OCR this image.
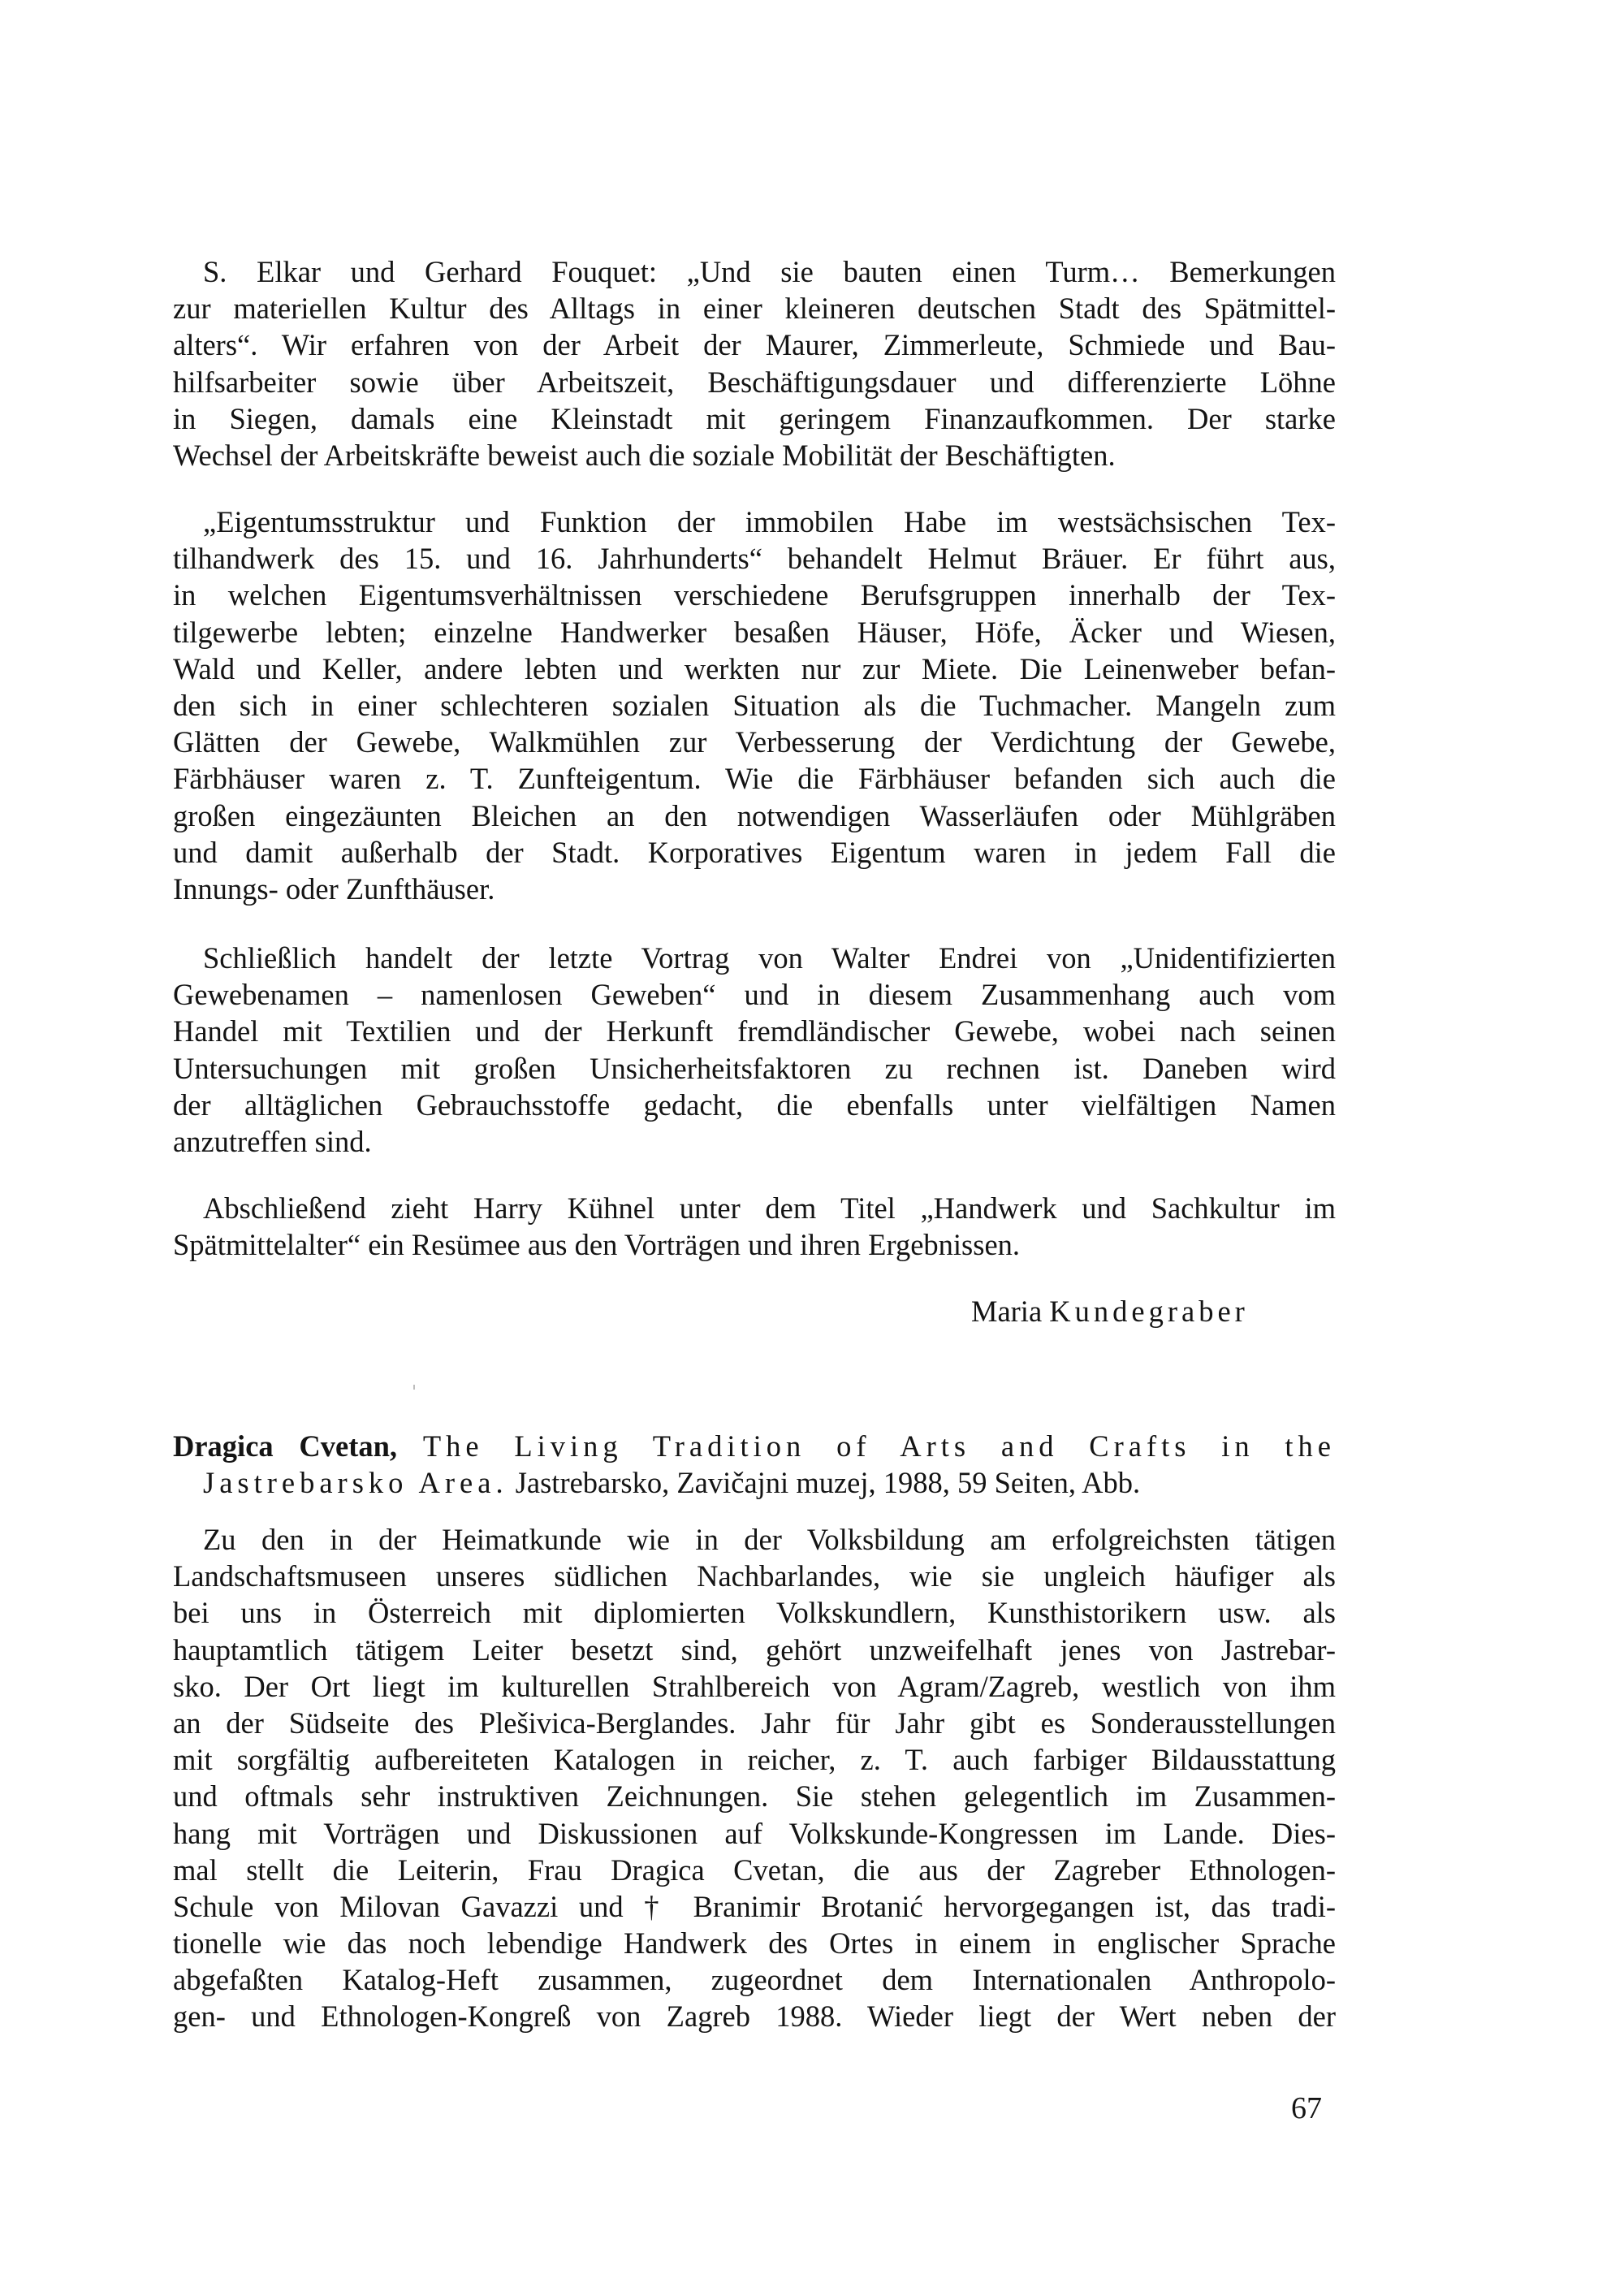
S. Elkar und Gerhard Fouquet: „Und sie bauten einen Turm… Bemerkungen
zur materiellen Kultur des Alltags in einer kleineren deutschen Stadt des Spätmittel-
alters“. Wir erfahren von der Arbeit der Maurer, Zimmerleute, Schmiede und Bau-
hilfsarbeiter sowie über Arbeitszeit, Beschäftigungsdauer und differenzierte Löhne
in Siegen, damals eine Kleinstadt mit geringem Finanzaufkommen. Der starke
Wechsel der Arbeitskräfte beweist auch die soziale Mobilität der Beschäftigten.
„Eigentumsstruktur und Funktion der immobilen Habe im westsächsischen Tex-
tilhandwerk des 15. und 16. Jahrhunderts“ behandelt Helmut Bräuer. Er führt aus,
in welchen Eigentumsverhältnissen verschiedene Berufsgruppen innerhalb der Tex-
tilgewerbe lebten; einzelne Handwerker besaßen Häuser, Höfe, Äcker und Wiesen,
Wald und Keller, andere lebten und werkten nur zur Miete. Die Leinenweber befan-
den sich in einer schlechteren sozialen Situation als die Tuchmacher. Mangeln zum
Glätten der Gewebe, Walkmühlen zur Verbesserung der Verdichtung der Gewebe,
Färbhäuser waren z. T. Zunfteigentum. Wie die Färbhäuser befanden sich auch die
großen eingezäunten Bleichen an den notwendigen Wasserläufen oder Mühlgräben
und damit außerhalb der Stadt. Korporatives Eigentum waren in jedem Fall die
Innungs- oder Zunfthäuser.
Schließlich handelt der letzte Vortrag von Walter Endrei von „Unidentifizierten
Gewebenamen – namenlosen Geweben“ und in diesem Zusammenhang auch vom
Handel mit Textilien und der Herkunft fremdländischer Gewebe, wobei nach seinen
Untersuchungen mit großen Unsicherheitsfaktoren zu rechnen ist. Daneben wird
der alltäglichen Gebrauchsstoffe gedacht, die ebenfalls unter vielfältigen Namen
anzutreffen sind.
Abschließend zieht Harry Kühnel unter dem Titel „Handwerk und Sachkultur im
Spätmittelalter“ ein Resümee aus den Vorträgen und ihren Ergebnissen.
Maria Kundegraber
Dragica Cvetan, The Living Tradition of Arts and Crafts in the
Jastrebarsko Area. Jastrebarsko, Zavičajni muzej, 1988, 59 Seiten, Abb.
Zu den in der Heimatkunde wie in der Volksbildung am erfolgreichsten tätigen
Landschaftsmuseen unseres südlichen Nachbarlandes, wie sie ungleich häufiger als
bei uns in Österreich mit diplomierten Volkskundlern, Kunsthistorikern usw. als
hauptamtlich tätigem Leiter besetzt sind, gehört unzweifelhaft jenes von Jastrebar-
sko. Der Ort liegt im kulturellen Strahlbereich von Agram/Zagreb, westlich von ihm
an der Südseite des Plešivica-Berglandes. Jahr für Jahr gibt es Sonderausstellungen
mit sorgfältig aufbereiteten Katalogen in reicher, z. T. auch farbiger Bildausstattung
und oftmals sehr instruktiven Zeichnungen. Sie stehen gelegentlich im Zusammen-
hang mit Vorträgen und Diskussionen auf Volkskunde-Kongressen im Lande. Dies-
mal stellt die Leiterin, Frau Dragica Cvetan, die aus der Zagreber Ethnologen-
Schule von Milovan Gavazzi und † Branimir Brotanić hervorgegangen ist, das tradi-
tionelle wie das noch lebendige Handwerk des Ortes in einem in englischer Sprache
abgefaßten Katalog-Heft zusammen, zugeordnet dem Internationalen Anthropolo-
gen- und Ethnologen-Kongreß von Zagreb 1988. Wieder liegt der Wert neben der
67
